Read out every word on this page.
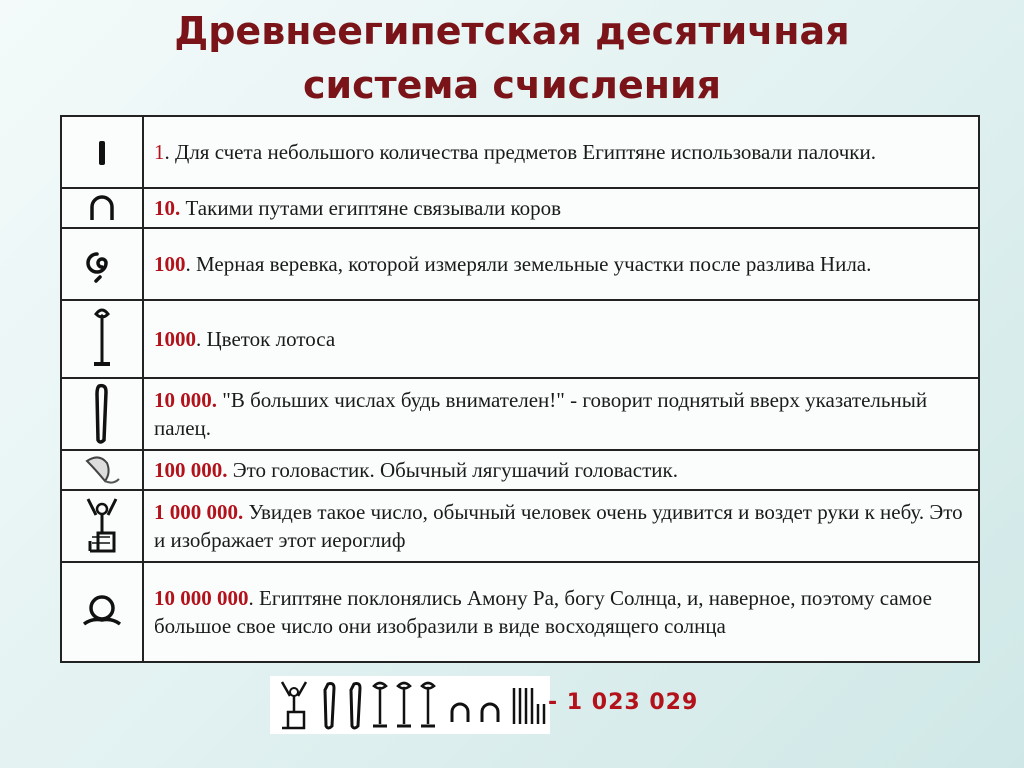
Древнеегипетская десятичная
система счисления
	1. Для счета небольшого количества предметов Египтяне использовали палочки.

	10. Такими путами египтяне связывали коров

	100. Мерная веревка, которой измеряли земельные участки после разлива Нила.

	1000. Цветок лотоса

	10 000. "В больших числах будь внимателен!" - говорит поднятый вверх указательный палец.

	100 000. Это головастик. Обычный лягушачий головастик.

	1 000 000. Увидев такое число, обычный человек очень удивится и воздет руки к небу. Это и изображает этот иероглиф

	10 000 000. Египтяне поклонялись Амону Ра, богу Солнца, и, наверное, поэтому самое большое свое число они изобразили в виде восходящего солнца
- 1 023 029
